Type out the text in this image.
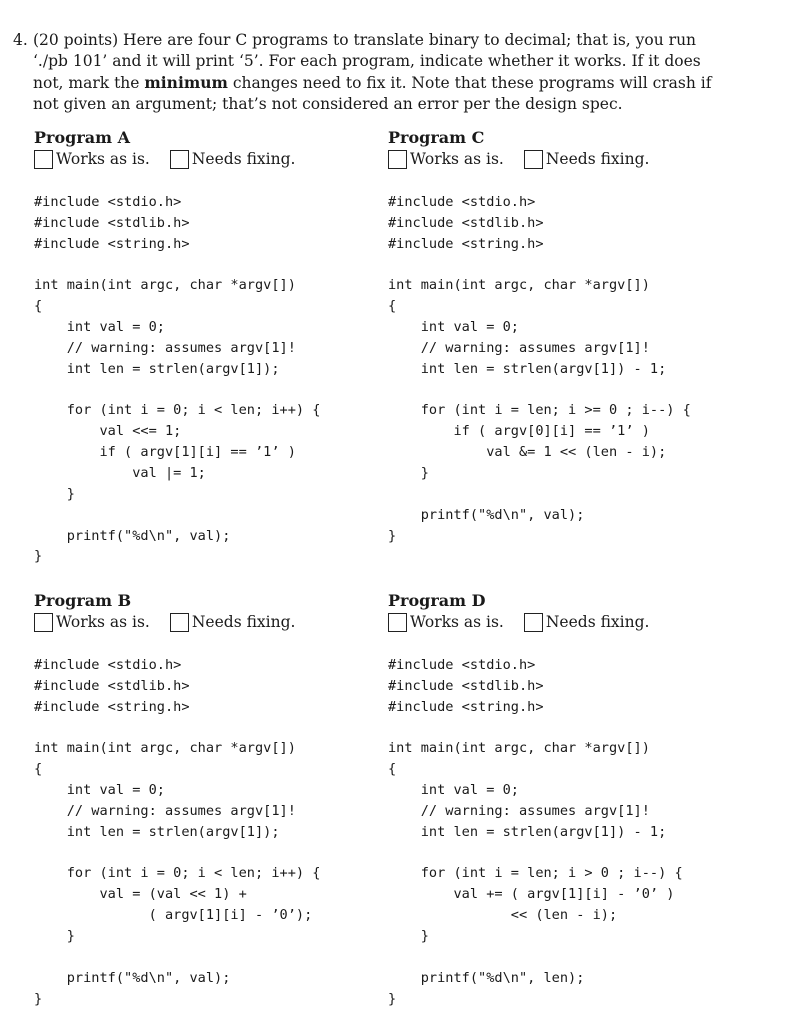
4. (20 points) Here are four C programs to translate binary to decimal; that is, you run ‘./pb 101’ and it will print ‘5’. For each program, indicate whether it works. If it does not, mark the minimum changes need to fix it. Note that these programs will crash if not given an argument; that’s not considered an error per the design spec.
Program A
Works as is.	Needs fixing.
#include <stdio.h>
#include <stdlib.h>
#include <string.h>

int main(int argc, char *argv[])
{
int val = 0;
// warning: assumes argv[1]!
int len = strlen(argv[1]);

for (int i = 0; i < len; i++) {
val <<= 1;
if ( argv[1][i] == ’1’ )
val |= 1;
}

printf("%d\n", val);
}
Program C
Works as is.	Needs fixing.
#include <stdio.h>
#include <stdlib.h>
#include <string.h>

int main(int argc, char *argv[])
{
int val = 0;
// warning: assumes argv[1]!
int len = strlen(argv[1]) - 1;

for (int i = len; i >= 0 ; i--) {
if ( argv[0][i] == ’1’ )
val &= 1 << (len - i);
}

printf("%d\n", val);
}
Program B
Works as is.	Needs fixing.
#include <stdio.h>
#include <stdlib.h>
#include <string.h>

int main(int argc, char *argv[])
{
int val = 0;
// warning: assumes argv[1]!
int len = strlen(argv[1]);

for (int i = 0; i < len; i++) {
val = (val << 1) +
( argv[1][i] - ’0’);
}

printf("%d\n", val);
}
Program D
Works as is.	Needs fixing.
#include <stdio.h>
#include <stdlib.h>
#include <string.h>

int main(int argc, char *argv[])
{
int val = 0;
// warning: assumes argv[1]!
int len = strlen(argv[1]) - 1;

for (int i = len; i > 0 ; i--) {
val += ( argv[1][i] - ’0’ )
<< (len - i);
}

printf("%d\n", len);
}
